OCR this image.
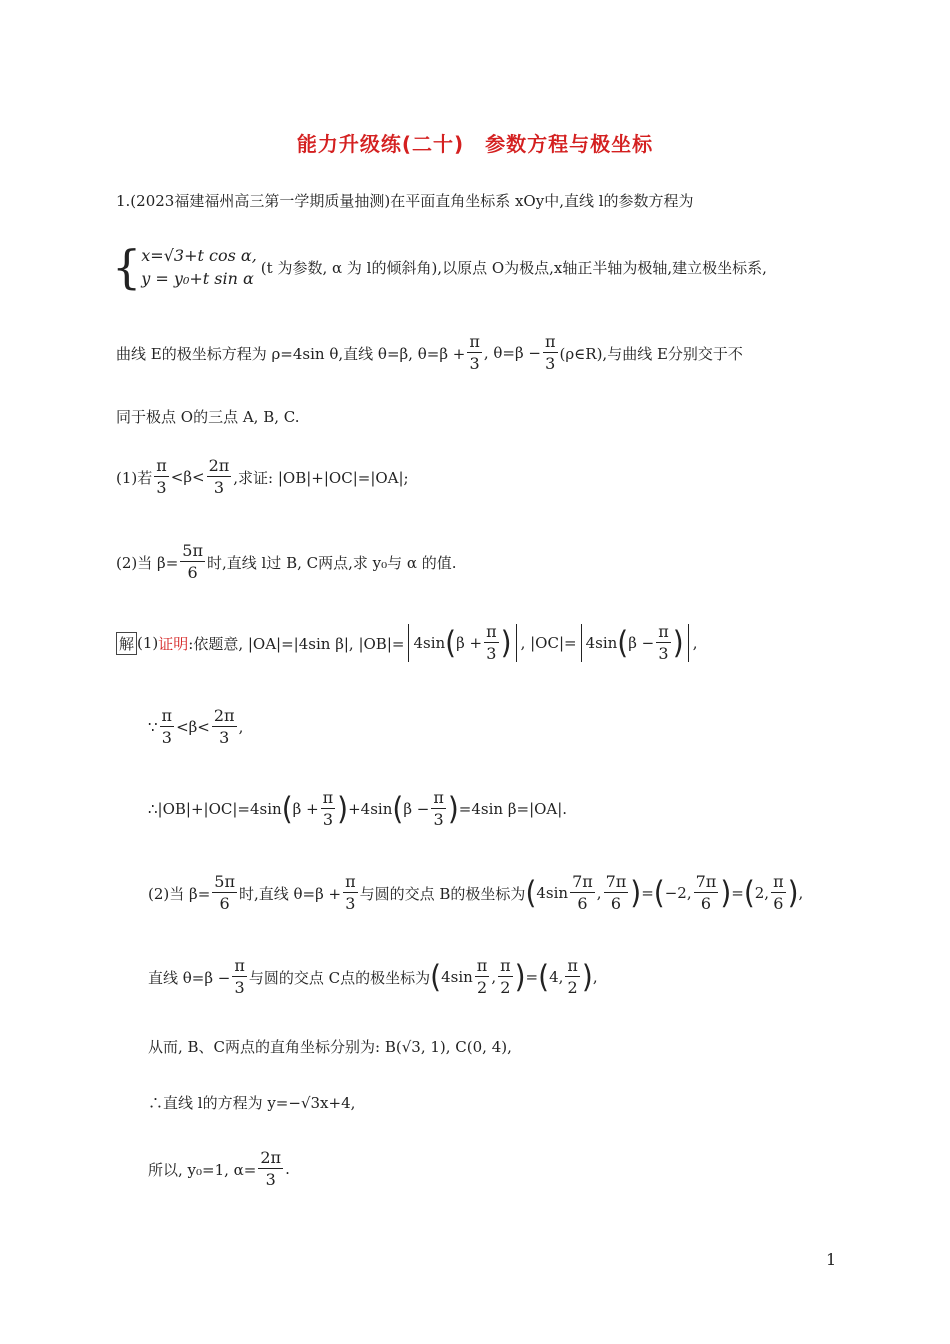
能力升级练(二十)　参数方程与极坐标
1.(2023福建福州高三第一学期质量抽测)在平面直角坐标系 xOy中,直线 l的参数方程为
{ x=√3+t cos α,
y = y₀+t sin α
(t 为参数, α 为 l的倾斜角),以原点 O为极点,x轴正半轴为极轴,建立极坐标系,
曲线 E的极坐标方程为 ρ=4sin θ,直线 θ=β, $\theta=\beta + \frac{\pi}{3}$ , $\theta=\beta - \frac{\pi}{3}$ (ρ∈R),与曲线 E分别交于不
同于极点 O的三点 A, B, C.
(1)若 $\frac{\pi}{3} <\beta< \frac{2\pi}{3}$ ,求证: |OB|+|OC|=|OA|;
(2)当 $\beta= \frac{5\pi}{6}$ 时,直线 l过 B, C两点,求 y₀与 α 的值.
解 (1) 证明 :依题意, |OA|=|4sin β|, |OB|= 4sin ( $\beta + \frac{\pi}{3}$ ) , |OC|= 4sin ( $\beta - \frac{\pi}{3}$ ) ,
∵ $\frac{\pi}{3} <\beta< \frac{2\pi}{3}$ ,
∴|OB|+|OC|=4sin ( $\beta + \frac{\pi}{3}$ ) +4sin ( $\beta - \frac{\pi}{3}$ ) =4sin β=|OA|.
(2)当 $\beta= \frac{5\pi}{6}$ 时,直线 $\theta=\beta + \frac{\pi}{3}$ 与圆的交点 B的极坐标为 ( $4\sin \frac{7\pi}{6}$ , $\frac{7\pi}{6}$ ) = ( −2, $\frac{7\pi}{6}$ ) = ( 2, $\frac{\pi}{6}$ ) ,
直线 $\theta=\beta - \frac{\pi}{3}$ 与圆的交点 C点的极坐标为 ( $4\sin \frac{\pi}{2}$ , $\frac{\pi}{2}$ ) = ( 4, $\frac{\pi}{2}$ ) ,
从而, B、C两点的直角坐标分别为: B(√3, 1), C(0, 4),
∴直线 l的方程为 y=−√3x+4,
所以, y₀=1, $\alpha= \frac{2\pi}{3}$ .
1
